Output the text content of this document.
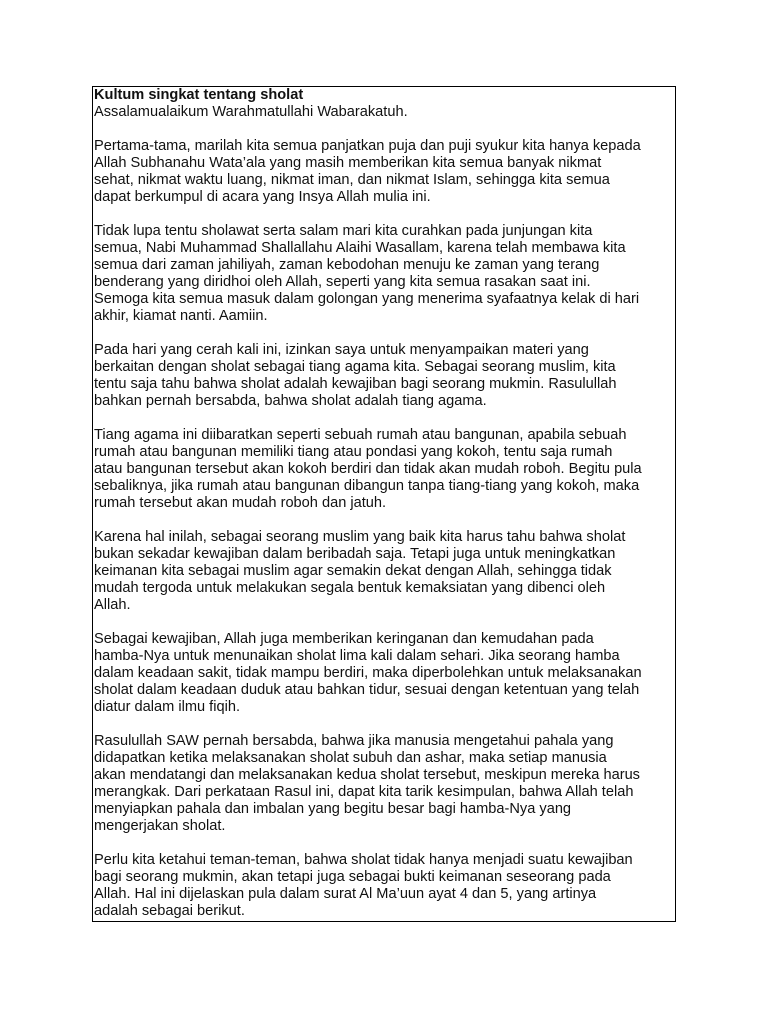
Kultum singkat tentang sholat

Assalamualaikum Warahmatullahi Wabarakatuh.

Pertama-tama, marilah kita semua panjatkan puja dan puji syukur kita hanya kepada
Allah Subhanahu Wata’ala yang masih memberikan kita semua banyak nikmat
sehat, nikmat waktu luang, nikmat iman, dan nikmat Islam, sehingga kita semua
dapat berkumpul di acara yang Insya Allah mulia ini.

Tidak lupa tentu sholawat serta salam mari kita curahkan pada junjungan kita
semua, Nabi Muhammad Shallallahu Alaihi Wasallam, karena telah membawa kita
semua dari zaman jahiliyah, zaman kebodohan menuju ke zaman yang terang
benderang yang diridhoi oleh Allah, seperti yang kita semua rasakan saat ini.

Semoga kita semua masuk dalam golongan yang menerima syafaatnya kelak di hari
akhir, kiamat nanti. Aamiin.

Pada hari yang cerah kali ini, izinkan saya untuk menyampaikan materi yang
berkaitan dengan sholat sebagai tiang agama kita. Sebagai seorang muslim, kita
tentu saja tahu bahwa sholat adalah kewajiban bagi seorang mukmin. Rasulullah
bahkan pernah bersabda, bahwa sholat adalah tiang agama.

Tiang agama ini diibaratkan seperti sebuah rumah atau bangunan, apabila sebuah
rumah atau bangunan memiliki tiang atau pondasi yang kokoh, tentu saja rumah
atau bangunan tersebut akan kokoh berdiri dan tidak akan mudah roboh. Begitu pula
sebaliknya, jika rumah atau bangunan dibangun tanpa tiang-tiang yang kokoh, maka
rumah tersebut akan mudah roboh dan jatuh.

Karena hal inilah, sebagai seorang muslim yang baik kita harus tahu bahwa sholat
bukan sekadar kewajiban dalam beribadah saja. Tetapi juga untuk meningkatkan
keimanan kita sebagai muslim agar semakin dekat dengan Allah, sehingga tidak
mudah tergoda untuk melakukan segala bentuk kemaksiatan yang dibenci oleh
Allah.

Sebagai kewajiban, Allah juga memberikan keringanan dan kemudahan pada
hamba-Nya untuk menunaikan sholat lima kali dalam sehari. Jika seorang hamba
dalam keadaan sakit, tidak mampu berdiri, maka diperbolehkan untuk melaksanakan
sholat dalam keadaan duduk atau bahkan tidur, sesuai dengan ketentuan yang telah
diatur dalam ilmu fiqih.

Rasulullah SAW pernah bersabda, bahwa jika manusia mengetahui pahala yang
didapatkan ketika melaksanakan sholat subuh dan ashar, maka setiap manusia
akan mendatangi dan melaksanakan kedua sholat tersebut, meskipun mereka harus
merangkak. Dari perkataan Rasul ini, dapat kita tarik kesimpulan, bahwa Allah telah
menyiapkan pahala dan imbalan yang begitu besar bagi hamba-Nya yang
mengerjakan sholat.

Perlu kita ketahui teman-teman, bahwa sholat tidak hanya menjadi suatu kewajiban
bagi seorang mukmin, akan tetapi juga sebagai bukti keimanan seseorang pada
Allah. Hal ini dijelaskan pula dalam surat Al Ma’uun ayat 4 dan 5, yang artinya
adalah sebagai berikut.
